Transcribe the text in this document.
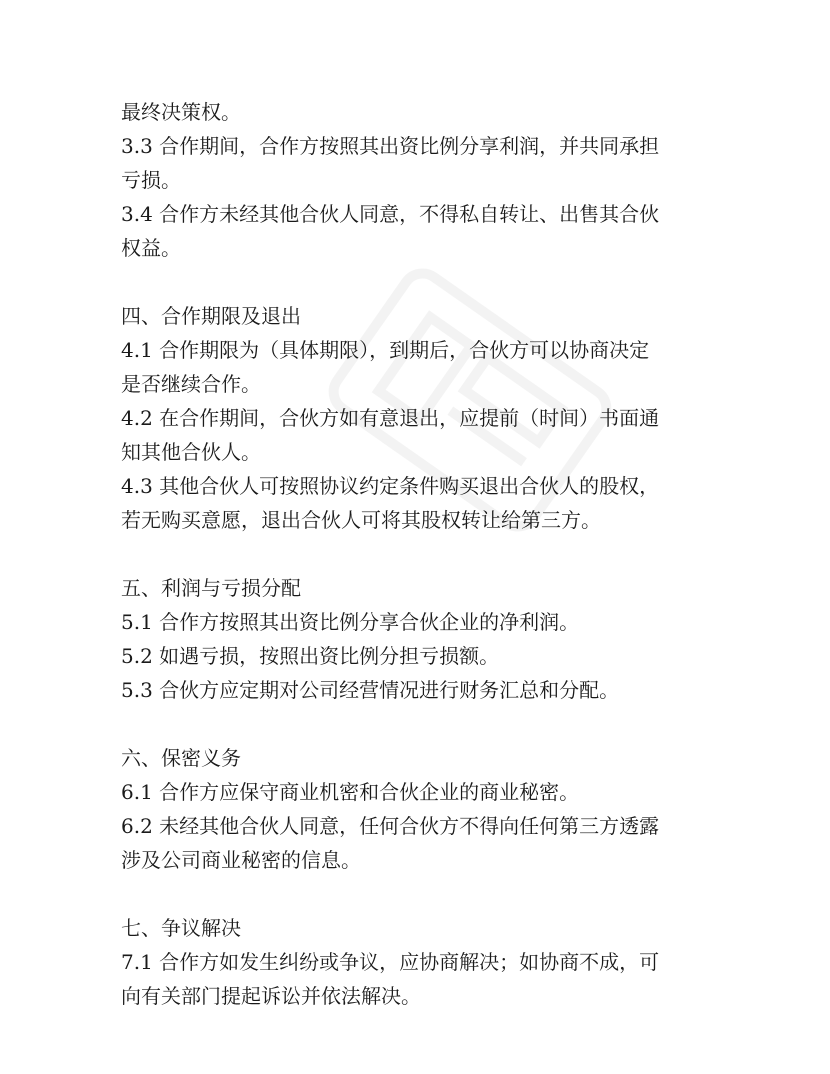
最终决策权。

3.3 合作期间，合作方按照其出资比例分享利润，并共同承担

亏损。

3.4 合作方未经其他合伙人同意，不得私自转让、出售其合伙

权益。

四、合作期限及退出

4.1 合作期限为（具体期限），到期后，合伙方可以协商决定

是否继续合作。

4.2 在合作期间，合伙方如有意退出，应提前（时间）书面通

知其他合伙人。

4.3 其他合伙人可按照协议约定条件购买退出合伙人的股权，

若无购买意愿，退出合伙人可将其股权转让给第三方。

五、利润与亏损分配

5.1 合作方按照其出资比例分享合伙企业的净利润。

5.2 如遇亏损，按照出资比例分担亏损额。

5.3 合伙方应定期对公司经营情况进行财务汇总和分配。

六、保密义务

6.1 合作方应保守商业机密和合伙企业的商业秘密。

6.2 未经其他合伙人同意，任何合伙方不得向任何第三方透露

涉及公司商业秘密的信息。

七、争议解决

7.1 合作方如发生纠纷或争议，应协商解决；如协商不成，可

向有关部门提起诉讼并依法解决。
